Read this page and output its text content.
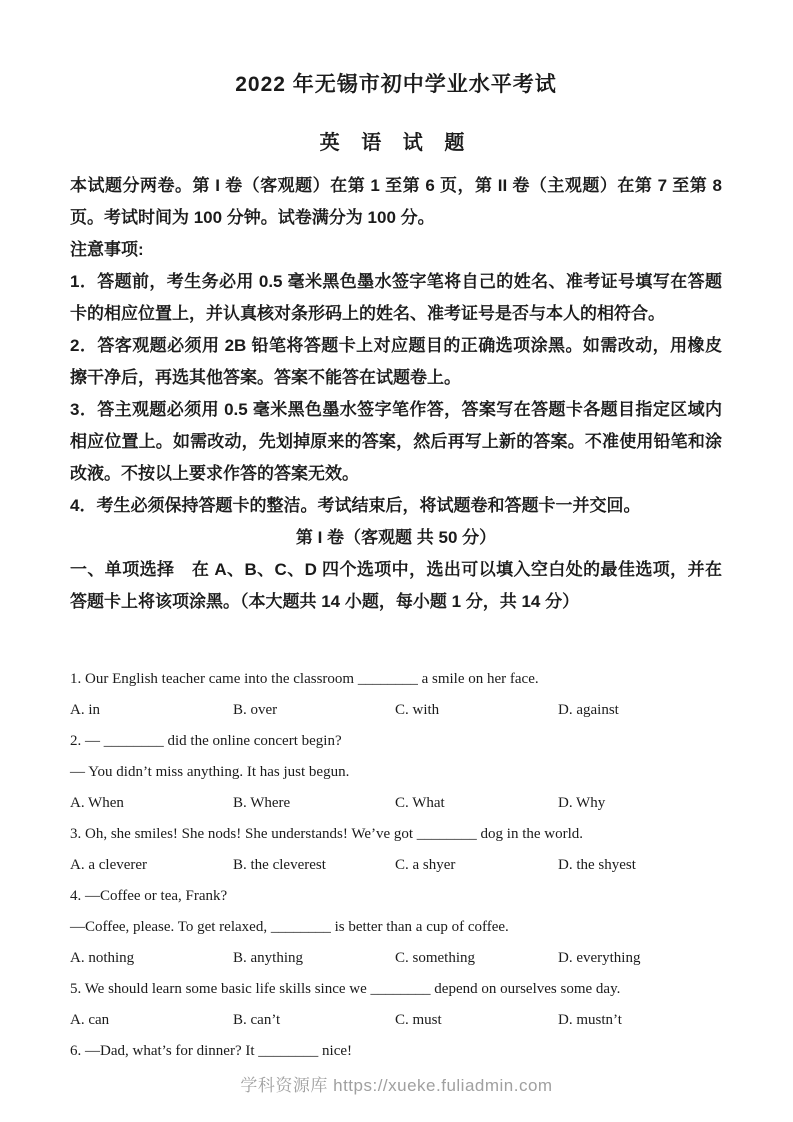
2022 年无锡市初中学业水平考试
英 语 试 题

本试题分两卷。第 I 卷（客观题）在第 1 至第 6 页，第 II 卷（主观题）在第 7 至第 8 页。考试时间为 100 分钟。试卷满分为 100 分。

注意事项:

1．答题前，考生务必用 0.5 毫米黑色墨水签字笔将自己的姓名、准考证号填写在答题卡的相应位置上，并认真核对条形码上的姓名、准考证号是否与本人的相符合。

2．答客观题必须用 2B 铅笔将答题卡上对应题目的正确选项涂黑。如需改动，用橡皮擦干净后，再选其他答案。答案不能答在试题卷上。

3．答主观题必须用 0.5 毫米黑色墨水签字笔作答，答案写在答题卡各题目指定区域内相应位置上。如需改动，先划掉原来的答案，然后再写上新的答案。不准使用铅笔和涂改液。不按以上要求作答的答案无效。

4．考生必须保持答题卡的整洁。考试结束后，将试题卷和答题卡一并交回。

第 I 卷（客观题 共 50 分）

一、单项选择　在 A、B、C、D 四个选项中，选出可以填入空白处的最佳选项，并在答题卡上将该项涂黑。（本大题共 14 小题，每小题 1 分，共 14 分）

1. Our English teacher came into the classroom ________ a smile on her face.

A. in	B. over	C. with	D. against

2. — ________ did the online concert begin?

— You didn’t miss anything. It has just begun.

A. When	B. Where	C. What	D. Why

3. Oh, she smiles! She nods! She understands! We’ve got ________ dog in the world.

A. a cleverer	B. the cleverest	C. a shyer	D. the shyest

4. —Coffee or tea, Frank?

—Coffee, please. To get relaxed, ________ is better than a cup of coffee.

A. nothing	B. anything	C. something	D. everything

5. We should learn some basic life skills since we ________ depend on ourselves some day.

A. can	B. can’t	C. must	D. mustn’t

6. —Dad, what’s for dinner? It ________ nice!

学科资源库 https://xueke.fuliadmin.com
